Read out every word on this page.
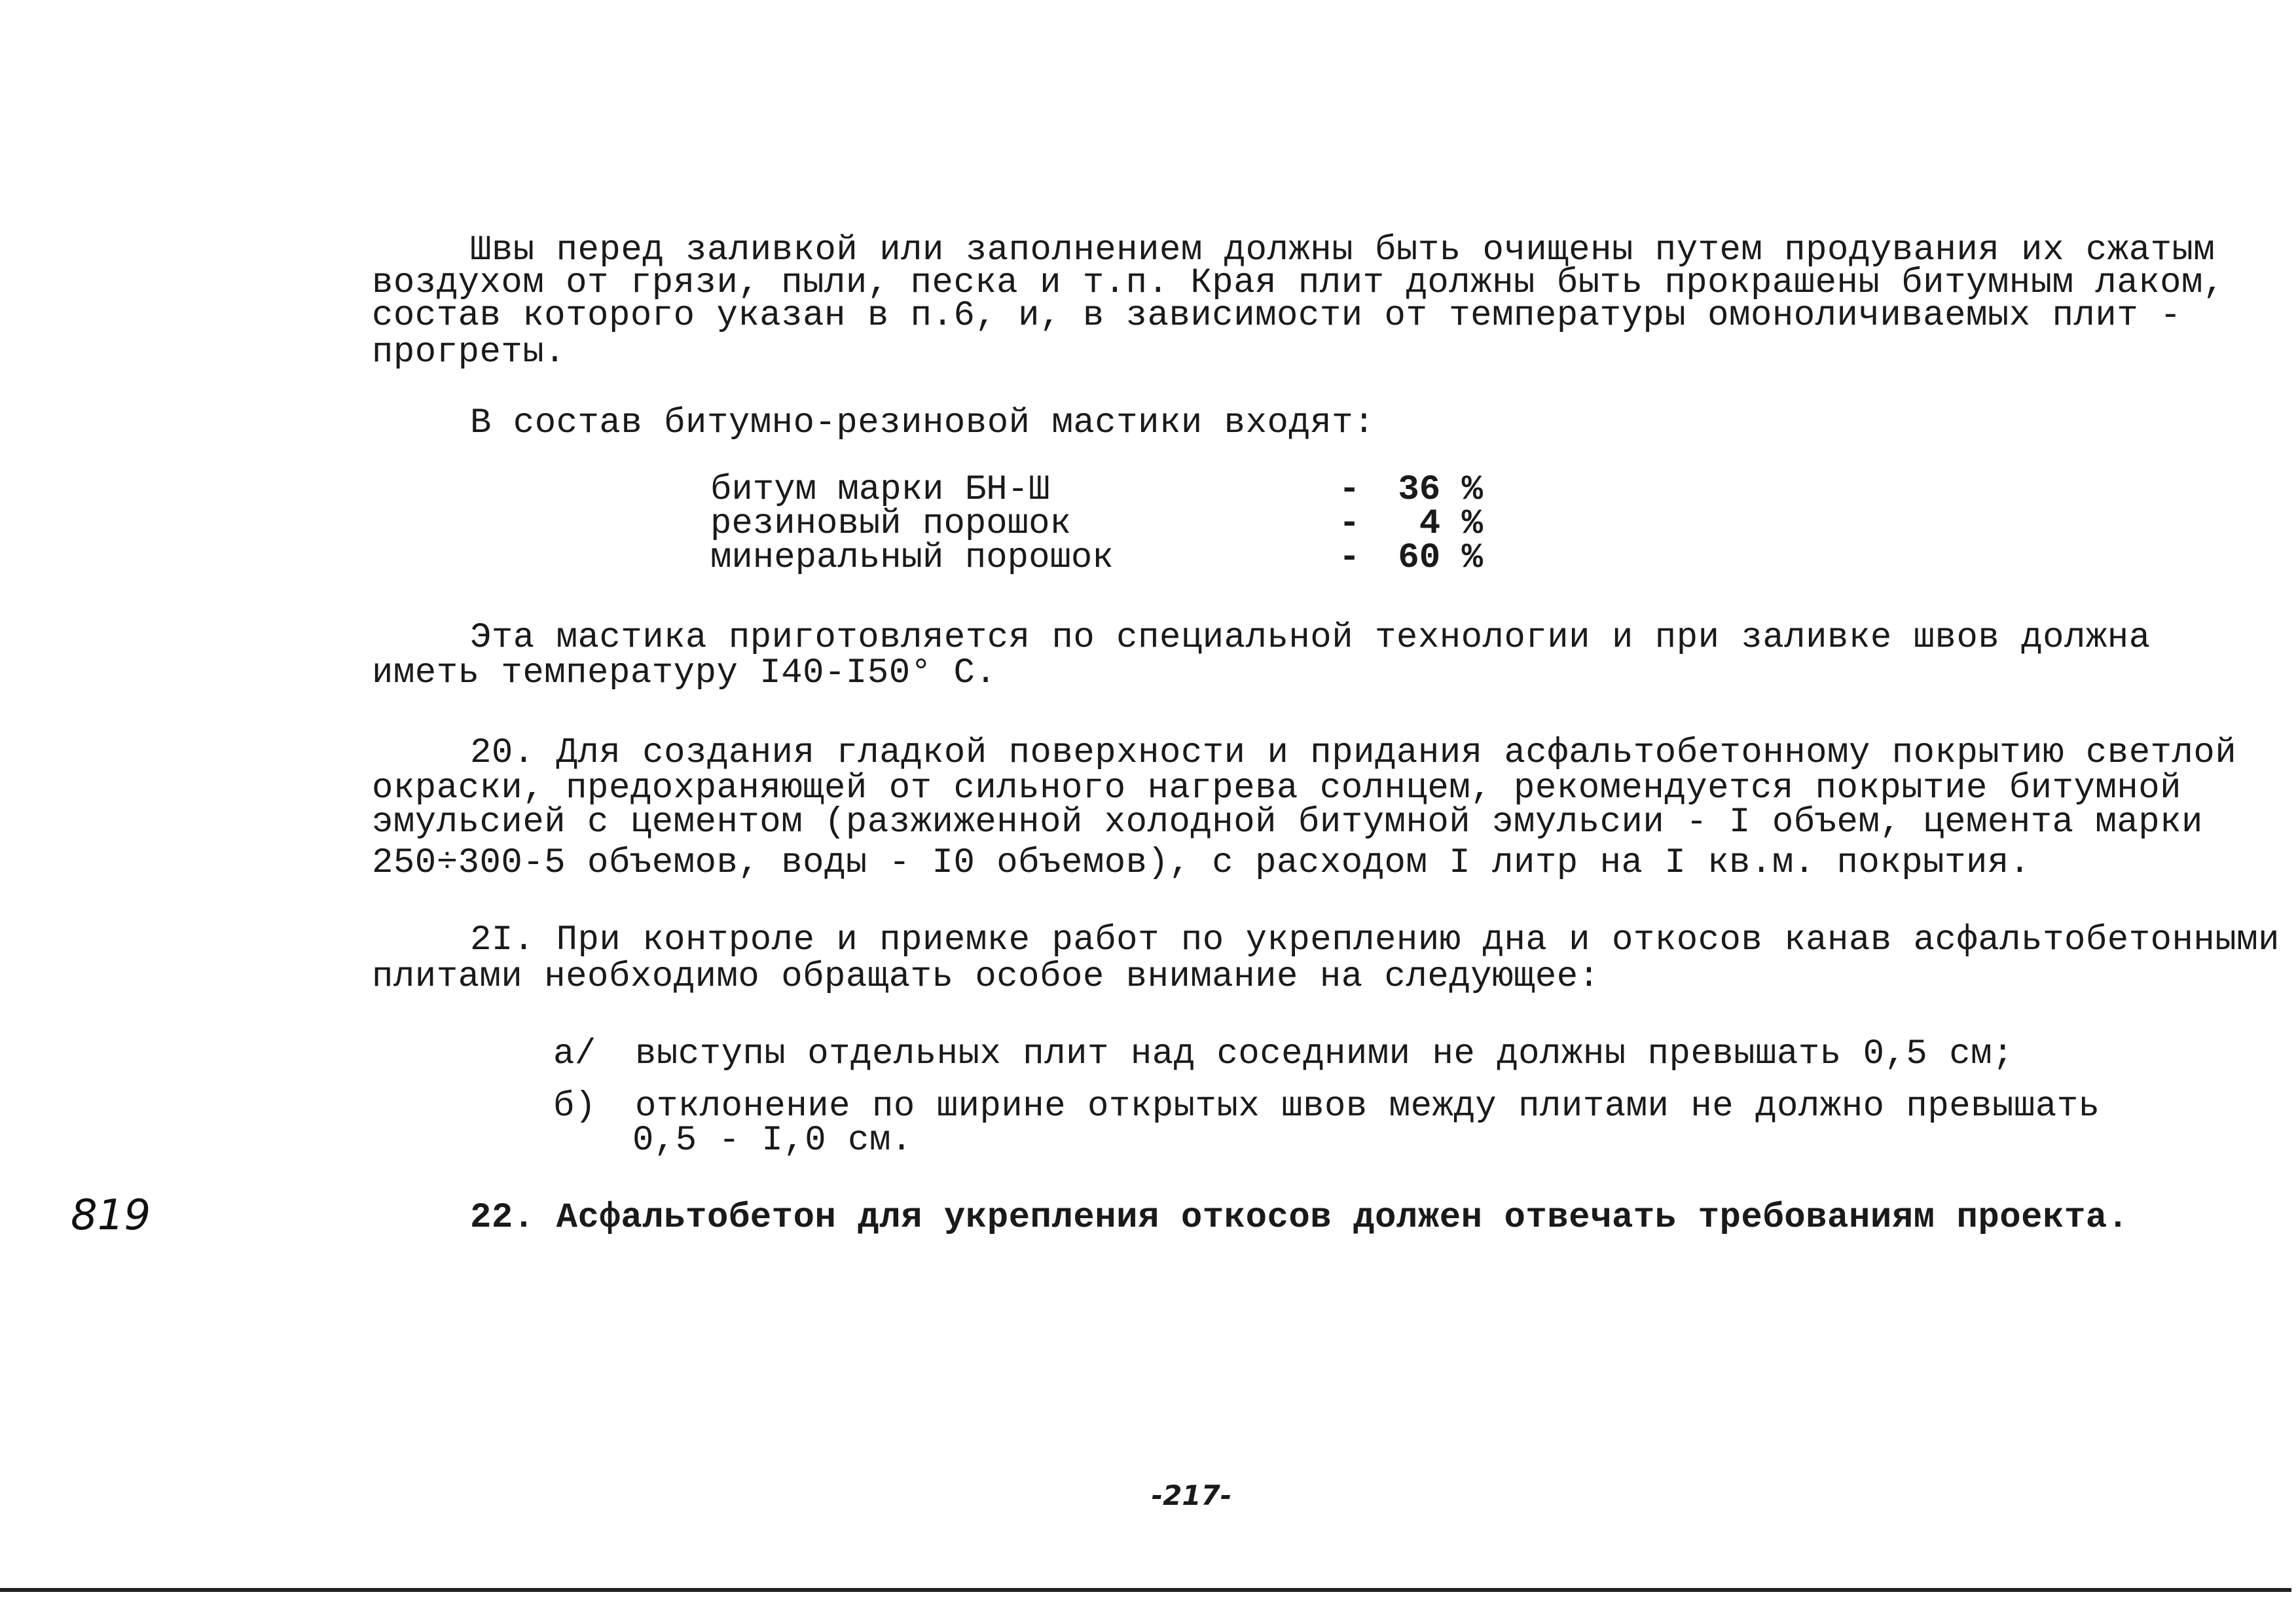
Швы перед заливкой или заполнением должны быть очищены путем продувания их сжатым
воздухом от грязи, пыли, песка и т.п. Края плит должны быть прокрашены битумным лаком,
состав которого указан в п.6, и, в зависимости от температуры омоноличиваемых плит -
прогреты.
В состав битумно-резиновой мастики входят:
битум марки БН-Ш	-	36 %
резиновый порошок	-	4 %
минеральный порошок	-	60 %
Эта мастика приготовляется по специальной технологии и при заливке швов должна
иметь температуру I40-I50° С.
20. Для создания гладкой поверхности и придания асфальтобетонному покрытию светлой
окраски, предохраняющей от сильного нагрева солнцем, рекомендуется покрытие битумной
эмульсией с цементом (разжиженной холодной битумной эмульсии - I объем, цемента марки
250÷300-5 объемов, воды - I0 объемов), с расходом I литр на I кв.м. покрытия.
2I. При контроле и приемке работ по укреплению дна и откосов канав асфальтобетонными
плитами необходимо обращать особое внимание на следующее:
а/ выступы отдельных плит над соседними не должны превышать 0,5 см;
б) отклонение по ширине открытых швов между плитами не должно превышать
0,5 - I,0 см.
22. Асфальтобетон для укрепления откосов должен отвечать требованиям проекта.
819
-217-
